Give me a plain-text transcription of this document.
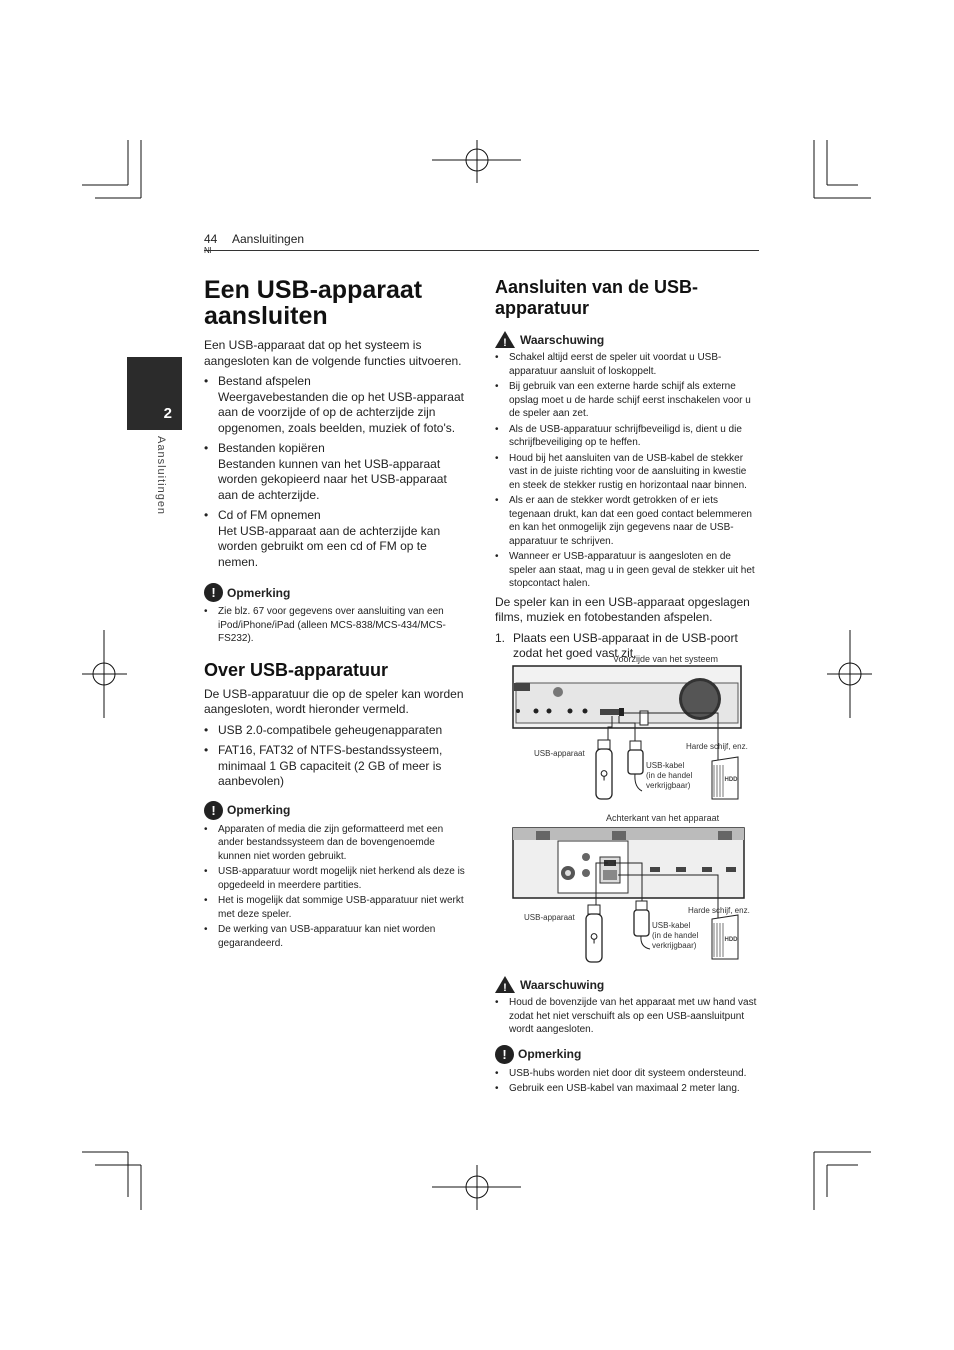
44 Aansluitingen
2
Aansluitingen
Een USB-apparaat
aansluiten
Een USB-apparaat dat op het systeem is aangesloten kan de volgende functies uitvoeren.
• Bestand afspelen
Weergavebestanden die op het USB-apparaat aan de voorzijde of op de achterzijde zijn opgenomen, zoals beelden, muziek of foto's.
• Bestanden kopiëren
Bestanden kunnen van het USB-apparaat worden gekopieerd naar het USB-apparaat aan de achterzijde.
• Cd of FM opnemen
Het USB-apparaat aan de achterzijde kan worden gebruikt om een cd of FM op te nemen.
! Opmerking
• Zie blz. 67 voor gegevens over aansluiting van een iPod/iPhone/iPad (alleen MCS-838/MCS-434/MCS-FS232).
Over USB-apparatuur
De USB-apparatuur die op de speler kan worden aangesloten, wordt hieronder vermeld.
• USB 2.0-compatibele geheugenapparaten
• FAT16, FAT32 of NTFS-bestandssysteem, minimaal 1 GB capaciteit (2 GB of meer is aanbevolen)
! Opmerking
• Apparaten of media die zijn geformatteerd met een ander bestandssysteem dan de bovengenoemde kunnen niet worden gebruikt.
• USB-apparatuur wordt mogelijk niet herkend als deze is opgedeeld in meerdere partities.
• Het is mogelijk dat sommige USB-apparatuur niet werkt met deze speler.
• De werking van USB-apparatuur kan niet worden gegarandeerd.
Aansluiten van de USB-apparatuur
! Waarschuwing
• Schakel altijd eerst de speler uit voordat u USB-apparatuur aansluit of loskoppelt.
• Bij gebruik van een externe harde schijf als externe opslag moet u de harde schijf eerst inschakelen voor u de speler aan zet.
• Als de USB-apparatuur schrijfbeveiligd is, dient u die schrijfbeveiliging op te heffen.
• Houd bij het aansluiten van de USB-kabel de stekker vast in de juiste richting voor de aansluiting in kwestie en steek de stekker rustig en horizontaal naar binnen.
• Als er aan de stekker wordt getrokken of er iets tegenaan drukt, kan dat een goed contact belemmeren en kan het onmogelijk zijn gegevens naar de USB-apparatuur te schrijven.
• Wanneer er USB-apparatuur is aangesloten en de speler aan staat, mag u in geen geval de stekker uit het stopcontact halen.
De speler kan in een USB-apparaat opgeslagen films, muziek en fotobestanden afspelen.
1. Plaats een USB-apparaat in de USB-poort zodat het goed vast zit.
Voorzijde van het systeem
⚲	HDD
USB-apparaat
USB-kabel
(in de handel
verkrijgbaar)
Harde schijf, enz.
Achterkant van het apparaat
⚲	HDD
USB-apparaat
USB-kabel
(in de handel
verkrijgbaar)
Harde schijf, enz.
! Waarschuwing
• Houd de bovenzijde van het apparaat met uw hand vast zodat het niet verschuift als op een USB-aansluitpunt wordt aangesloten.
! Opmerking
• USB-hubs worden niet door dit systeem ondersteund.
• Gebruik een USB-kabel van maximaal 2 meter lang.
